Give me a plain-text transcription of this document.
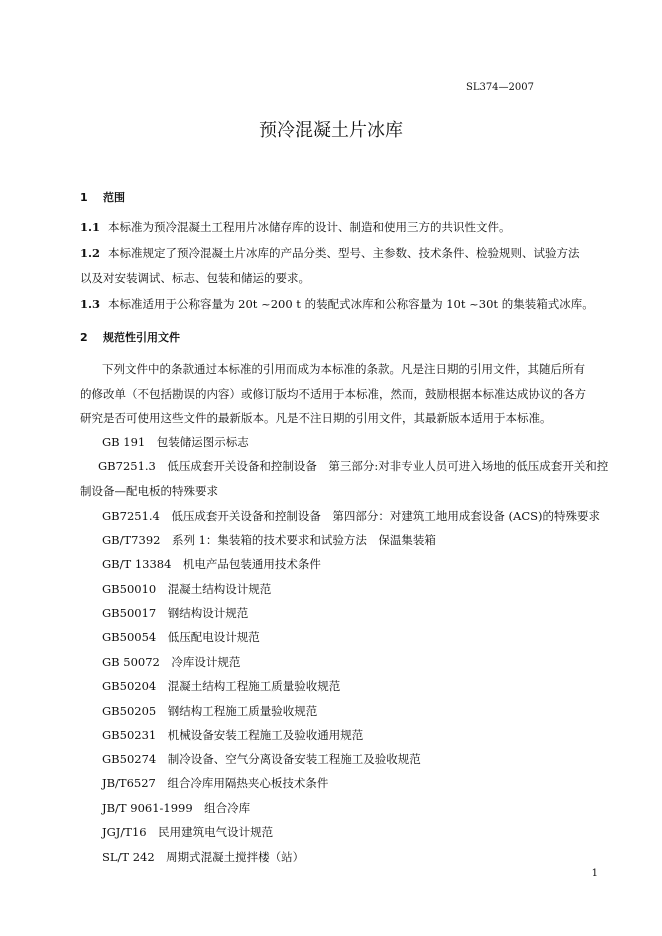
SL374—2007
预冷混凝土片冰库
1 范围
1.1 本标准为预冷混凝土工程用片冰储存库的设计、制造和使用三方的共识性文件。
1.2 本标准规定了预冷混凝土片冰库的产品分类、型号、主参数、技术条件、检验规则、试验方法
以及对安装调试、标志、包装和储运的要求。
1.3 本标准适用于公称容量为 20t ~200 t 的装配式冰库和公称容量为 10t ~30t 的集装箱式冰库。
2 规范性引用文件
下列文件中的条款通过本标准的引用而成为本标准的条款。凡是注日期的引用文件，其随后所有
的修改单（不包括勘误的内容）或修订版均不适用于本标准，然而，鼓励根据本标准达成协议的各方
研究是否可使用这些文件的最新版本。凡是不注日期的引用文件，其最新版本适用于本标准。
GB 191　包装储运图示标志
GB7251.3　低压成套开关设备和控制设备　第三部分:对非专业人员可进入场地的低压成套开关和控
制设备—配电板的特殊要求
GB7251.4　低压成套开关设备和控制设备　第四部分：对建筑工地用成套设备 (ACS)的特殊要求
GB/T7392　系列 1：集装箱的技术要求和试验方法　保温集装箱
GB/T 13384　机电产品包装通用技术条件
GB50010　混凝土结构设计规范
GB50017　钢结构设计规范
GB50054　低压配电设计规范
GB 50072　冷库设计规范
GB50204　混凝土结构工程施工质量验收规范
GB50205　钢结构工程施工质量验收规范
GB50231　机械设备安装工程施工及验收通用规范
GB50274　制冷设备、空气分离设备安装工程施工及验收规范
JB/T6527　组合冷库用隔热夹心板技术条件
JB/T 9061-1999　组合冷库
JGJ/T16　民用建筑电气设计规范
SL/T 242　周期式混凝土搅拌楼（站）
1
